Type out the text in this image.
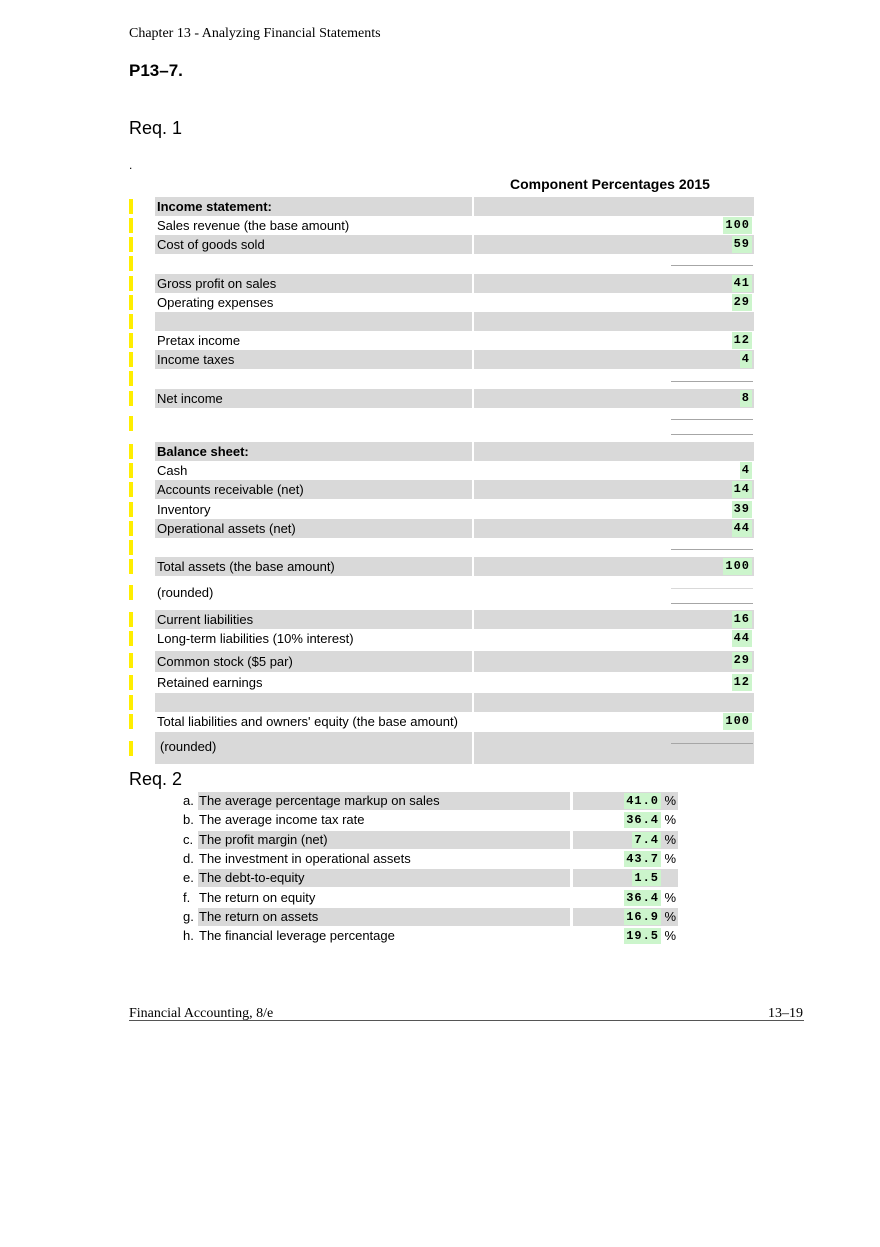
Chapter 13 - Analyzing Financial Statements
P13–7.
Req. 1
.
Component Percentages 2015
Income statement:
Sales revenue (the base amount)	100
Cost of goods sold	59
Gross profit on sales	41
Operating expenses	29
Pretax income	12
Income taxes	4
Net income	8
Balance sheet:
Cash	4
Accounts receivable (net)	14
Inventory	39
Operational assets (net)	44
Total assets (the base amount)	100
(rounded)
Current liabilities	16
Long-term liabilities (10% interest)	44
Common stock ($5 par)	29
Retained earnings	12
Total liabilities and owners' equity (the base amount)	100
(rounded)
Req. 2
a. The average percentage markup on sales	41.0 %
b. The average income tax rate	36.4 %
c. The profit margin (net)	7.4 %
d. The investment in operational assets	43.7 %
e. The debt-to-equity	1.5
f. The return on equity	36.4 %
g. The return on assets	16.9 %
h. The financial leverage percentage	19.5 %
Financial Accounting, 8/e	13–19
